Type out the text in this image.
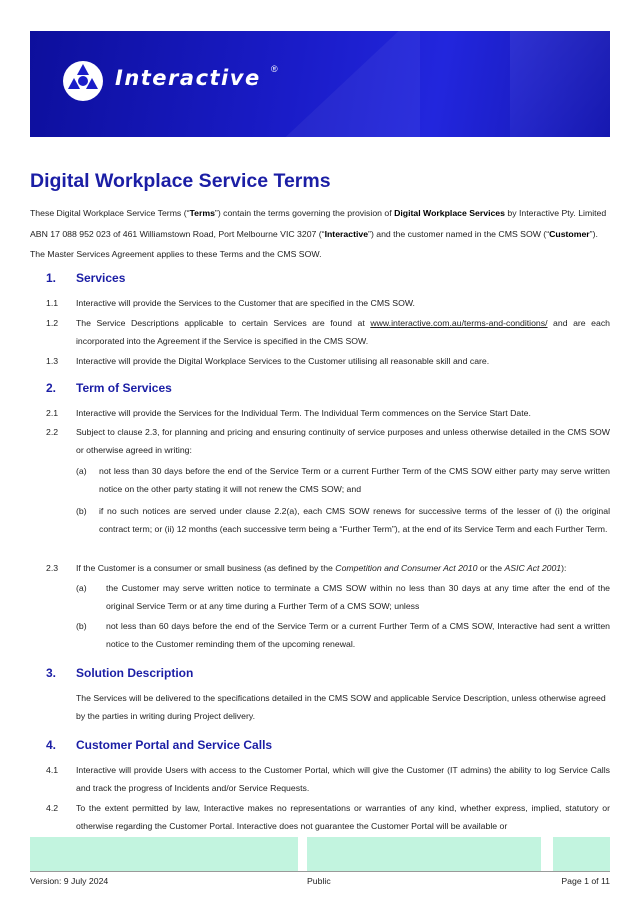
Interactive ®
Digital Workplace Service Terms
These Digital Workplace Service Terms (“Terms”) contain the terms governing the provision of Digital Workplace Services by Interactive Pty. Limited ABN 17 088 952 023 of 461 Williamstown Road, Port Melbourne VIC 3207 (“Interactive”) and the customer named in the CMS SOW (“Customer”). The Master Services Agreement applies to these Terms and the CMS SOW.
1.	Services
1.1 Interactive will provide the Services to the Customer that are specified in the CMS SOW.
1.2 The Service Descriptions applicable to certain Services are found at www.interactive.com.au/terms-and-conditions/ and are each incorporated into the Agreement if the Service is specified in the CMS SOW.
1.3 Interactive will provide the Digital Workplace Services to the Customer utilising all reasonable skill and care.
2.	Term of Services
2.1 Interactive will provide the Services for the Individual Term. The Individual Term commences on the Service Start Date.
2.2 Subject to clause 2.3, for planning and pricing and ensuring continuity of service purposes and unless otherwise detailed in the CMS SOW or otherwise agreed in writing:
(a) not less than 30 days before the end of the Service Term or a current Further Term of the CMS SOW either party may serve written notice on the other party stating it will not renew the CMS SOW; and
(b) if no such notices are served under clause 2.2(a), each CMS SOW renews for successive terms of the lesser of (i) the original contract term; or (ii) 12 months (each successive term being a “Further Term”), at the end of its Service Term and each Further Term.
2.3 If the Customer is a consumer or small business (as defined by the Competition and Consumer Act 2010 or the ASIC Act 2001):
(a) the Customer may serve written notice to terminate a CMS SOW within no less than 30 days at any time after the end of the original Service Term or at any time during a Further Term of a CMS SOW; unless
(b) not less than 60 days before the end of the Service Term or a current Further Term of a CMS SOW, Interactive had sent a written notice to the Customer reminding them of the upcoming renewal.
3.	Solution Description
The Services will be delivered to the specifications detailed in the CMS SOW and applicable Service Description, unless otherwise agreed by the parties in writing during Project delivery.
4.	Customer Portal and Service Calls
4.1 Interactive will provide Users with access to the Customer Portal, which will give the Customer (IT admins) the ability to log Service Calls and track the progress of Incidents and/or Service Requests.
4.2 To the extent permitted by law, Interactive makes no representations or warranties of any kind, whether express, implied, statutory or otherwise regarding the Customer Portal. Interactive does not guarantee the Customer Portal will be available or
Version: 9 July 2024	Public	Page 1 of 11
